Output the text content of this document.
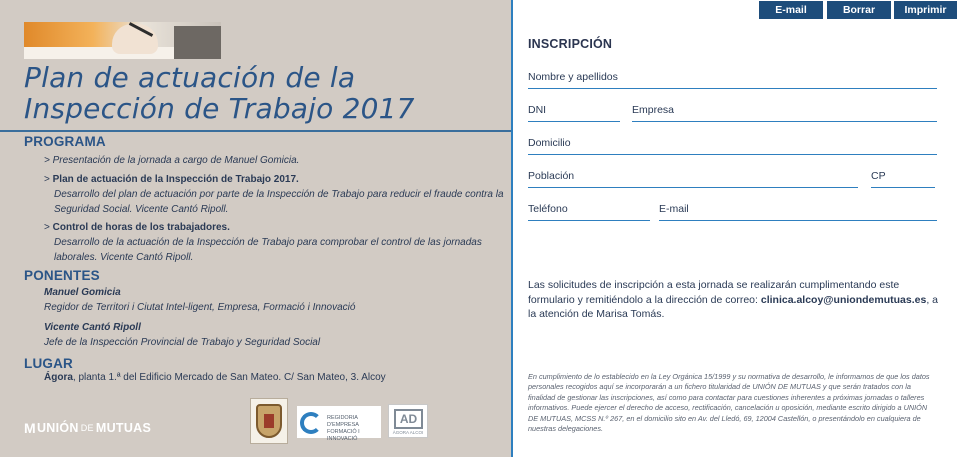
Plan de actuación de la
Inspección de Trabajo 2017
PROGRAMA
> Presentación de la jornada a cargo de Manuel Gomicia.
> Plan de actuación de la Inspección de Trabajo 2017.
Desarrollo del plan de actuación por parte de la Inspección de Trabajo para reducir el fraude contra la Seguridad Social. Vicente Cantó Ripoll.
> Control de horas de los trabajadores.
Desarrollo de la actuación de la Inspección de Trabajo para comprobar el control de las jornadas laborales. Vicente Cantó Ripoll.
PONENTES
Manuel Gomicia
Regidor de Territori i Ciutat Intel-ligent, Empresa, Formació i Innovació
Vicente Cantó Ripoll
Jefe de la Inspección Provincial de Trabajo y Seguridad Social
LUGAR
Ágora, planta 1.ª del Edificio Mercado de San Mateo. C/ San Mateo, 3. Alcoy
M UNIÓN DE MUTUAS
REGIDORIA D'EMPRESA
FORMACIÓ I INNOVACIÓ
AD
ÀGORA ALCOI
E-mail	Borrar	Imprimir
INSCRIPCIÓN
Nombre y apellidos
DNI	Empresa
Domicilio
Población	CP
Teléfono	E-mail
Las solicitudes de inscripción a esta jornada se realizarán cumplimentando este formulario y remitiéndolo a la dirección de correo: clinica.alcoy@uniondemutuas.es, a la atención de Marisa Tomás.
En cumplimiento de lo establecido en la Ley Orgánica 15/1999 y su normativa de desarrollo, le informamos de que los datos personales recogidos aquí se incorporarán a un fichero titularidad de UNIÓN DE MUTUAS y que serán tratados con la finalidad de gestionar las inscripciones, así como para contactar para cuestiones inherentes a próximas jornadas o talleres informativos. Puede ejercer el derecho de acceso, rectificación, cancelación u oposición, mediante escrito dirigido a UNIÓN DE MUTUAS, MCSS N.º 267, en el domicilio sito en Av. del Lledó, 69, 12004 Castellón, o presentándolo en cualquiera de nuestras delegaciones.
